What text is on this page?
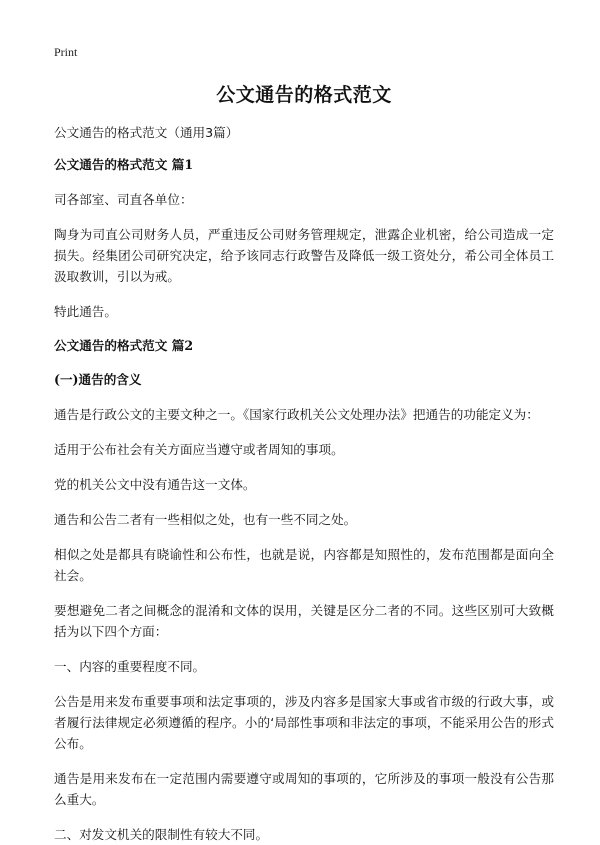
Print
公文通告的格式范文
公文通告的格式范文（通用3篇）
公文通告的格式范文 篇1
司各部室、司直各单位：
陶身为司直公司财务人员，严重违反公司财务管理规定，泄露企业机密，给公司造成一定损失。经集团公司研究决定，给予该同志行政警告及降低一级工资处分，希公司全体员工汲取教训，引以为戒。
特此通告。
公文通告的格式范文 篇2
(一)通告的含义
通告是行政公文的主要文种之一。《国家行政机关公文处理办法》把通告的功能定义为：
适用于公布社会有关方面应当遵守或者周知的事项。
党的机关公文中没有通告这一文体。
通告和公告二者有一些相似之处，也有一些不同之处。
相似之处是都具有晓谕性和公布性，也就是说，内容都是知照性的，发布范围都是面向全社会。
要想避免二者之间概念的混淆和文体的误用，关键是区分二者的不同。这些区别可大致概括为以下四个方面：
一、内容的重要程度不同。
公告是用来发布重要事项和法定事项的，涉及内容多是国家大事或省市级的行政大事，或者履行法律规定必须遵循的程序。小的‘局部性事项和非法定的事项，不能采用公告的形式公布。
通告是用来发布在一定范围内需要遵守或周知的事项的，它所涉及的事项一般没有公告那么重大。
二、对发文机关的限制性有较大不同。
